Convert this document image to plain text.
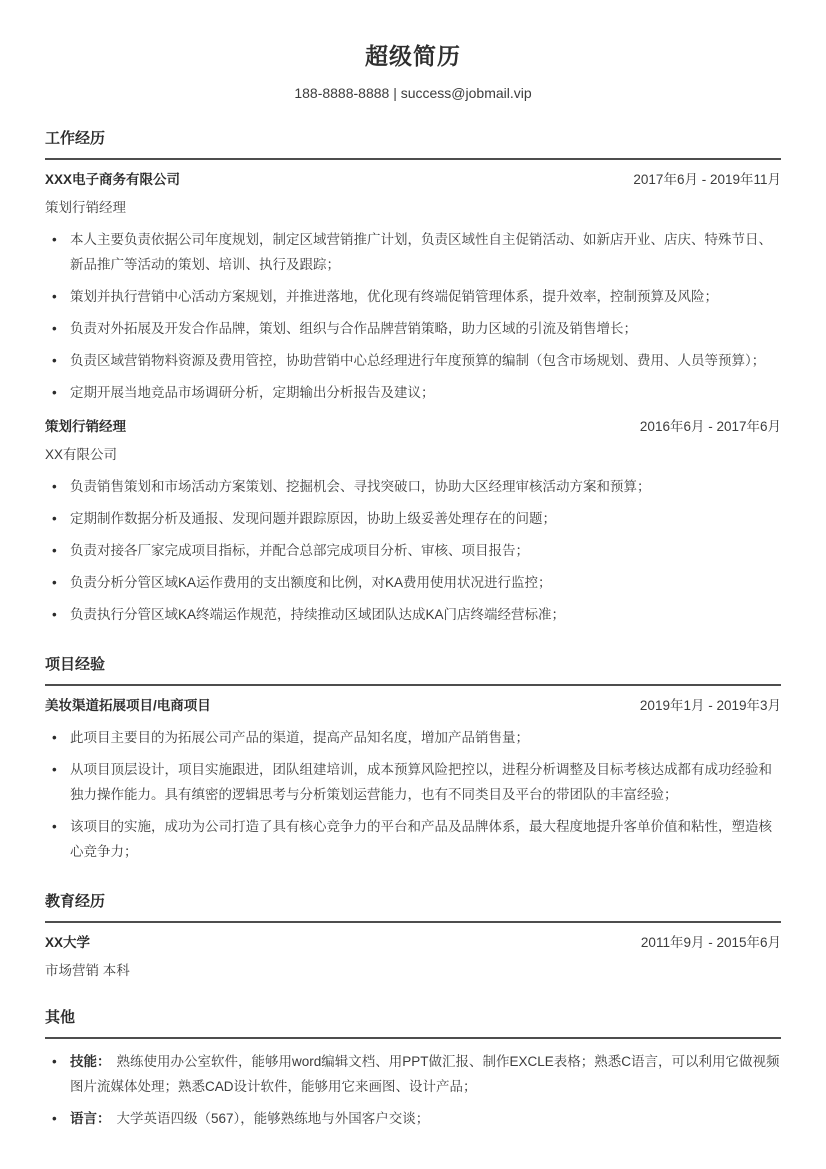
超级简历
188-8888-8888 | success@jobmail.vip
工作经历
XXX电子商务有限公司	2017年6月 - 2019年11月
策划行销经理
• 本人主要负责依据公司年度规划，制定区域营销推广计划，负责区域性自主促销活动、如新店开业、店庆、特殊节日、新品推广等活动的策划、培训、执行及跟踪；
• 策划并执行营销中心活动方案规划，并推进落地，优化现有终端促销管理体系，提升效率，控制预算及风险；
• 负责对外拓展及开发合作品牌，策划、组织与合作品牌营销策略，助力区域的引流及销售增长；
• 负责区域营销物料资源及费用管控，协助营销中心总经理进行年度预算的编制（包含市场规划、费用、人员等预算）；
• 定期开展当地竞品市场调研分析，定期输出分析报告及建议；
策划行销经理	2016年6月 - 2017年6月
XX有限公司
• 负责销售策划和市场活动方案策划、挖掘机会、寻找突破口，协助大区经理审核活动方案和预算；
• 定期制作数据分析及通报、发现问题并跟踪原因，协助上级妥善处理存在的问题；
• 负责对接各厂家完成项目指标，并配合总部完成项目分析、审核、项目报告；
• 负责分析分管区域KA运作费用的支出额度和比例，对KA费用使用状况进行监控；
• 负责执行分管区域KA终端运作规范，持续推动区域团队达成KA门店终端经营标准；
项目经验
美妆渠道拓展项目/电商项目	2019年1月 - 2019年3月
• 此项目主要目的为拓展公司产品的渠道，提高产品知名度，增加产品销售量；
• 从项目顶层设计，项目实施跟进，团队组建培训，成本预算风险把控以，进程分析调整及目标考核达成都有成功经验和独力操作能力。具有缜密的逻辑思考与分析策划运营能力，也有不同类目及平台的带团队的丰富经验；
• 该项目的实施，成功为公司打造了具有核心竞争力的平台和产品及品牌体系，最大程度地提升客单价值和粘性，塑造核心竞争力；
教育经历
XX大学	2011年9月 - 2015年6月
市场营销 本科
其他
• 技能： 熟练使用办公室软件，能够用word编辑文档、用PPT做汇报、制作EXCLE表格；熟悉C语言，可以利用它做视频图片流媒体处理；熟悉CAD设计软件，能够用它来画图、设计产品；
• 语言： 大学英语四级（567），能够熟练地与外国客户交谈；
